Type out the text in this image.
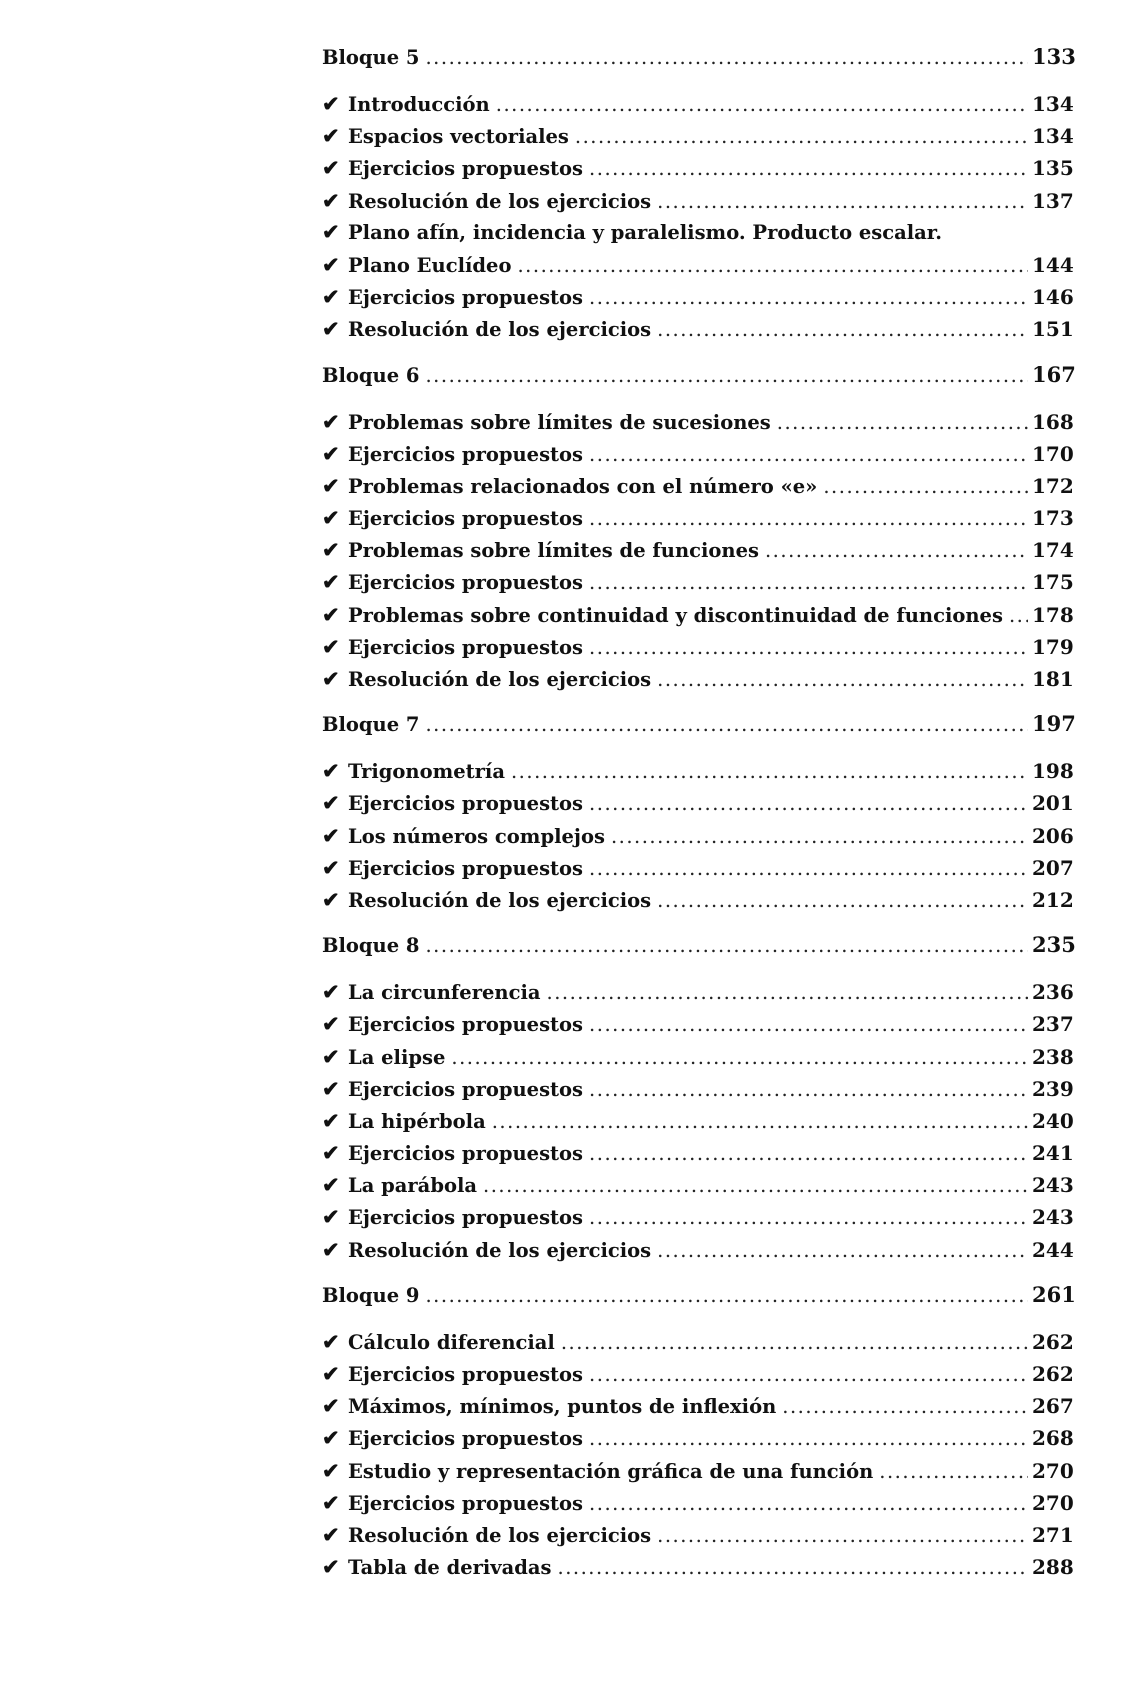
Bloque 5 .....	133
✔ Introducción .....	134
✔ Espacios vectoriales .....	134
✔ Ejercicios propuestos .....	135
✔ Resolución de los ejercicios .....	137
✔ Plano afín, incidencia y paralelismo. Producto escalar.
✔ Plano Euclídeo .....	144
✔ Ejercicios propuestos .....	146
✔ Resolución de los ejercicios .....	151
Bloque 6 .....	167
✔ Problemas sobre límites de sucesiones .....	168
✔ Ejercicios propuestos .....	170
✔ Problemas relacionados con el número «e» .....	172
✔ Ejercicios propuestos .....	173
✔ Problemas sobre límites de funciones .....	174
✔ Ejercicios propuestos .....	175
✔ Problemas sobre continuidad y discontinuidad de funciones ..... 178
✔ Ejercicios propuestos .....	179
✔ Resolución de los ejercicios .....	181
Bloque 7 .....	197
✔ Trigonometría .....	198
✔ Ejercicios propuestos .....	201
✔ Los números complejos .....	206
✔ Ejercicios propuestos .....	207
✔ Resolución de los ejercicios .....	212
Bloque 8 .....	235
✔ La circunferencia .....	236
✔ Ejercicios propuestos .....	237
✔ La elipse .....	238
✔ Ejercicios propuestos .....	239
✔ La hipérbola .....	240
✔ Ejercicios propuestos .....	241
✔ La parábola .....	243
✔ Ejercicios propuestos .....	243
✔ Resolución de los ejercicios .....	244
Bloque 9 .....	261
✔ Cálculo diferencial .....	262
✔ Ejercicios propuestos .....	262
✔ Máximos, mínimos, puntos de inflexión .....	267
✔ Ejercicios propuestos .....	268
✔ Estudio y representación gráfica de una función .....	270
✔ Ejercicios propuestos .....	270
✔ Resolución de los ejercicios .....	271
✔ Tabla de derivadas .....	288
